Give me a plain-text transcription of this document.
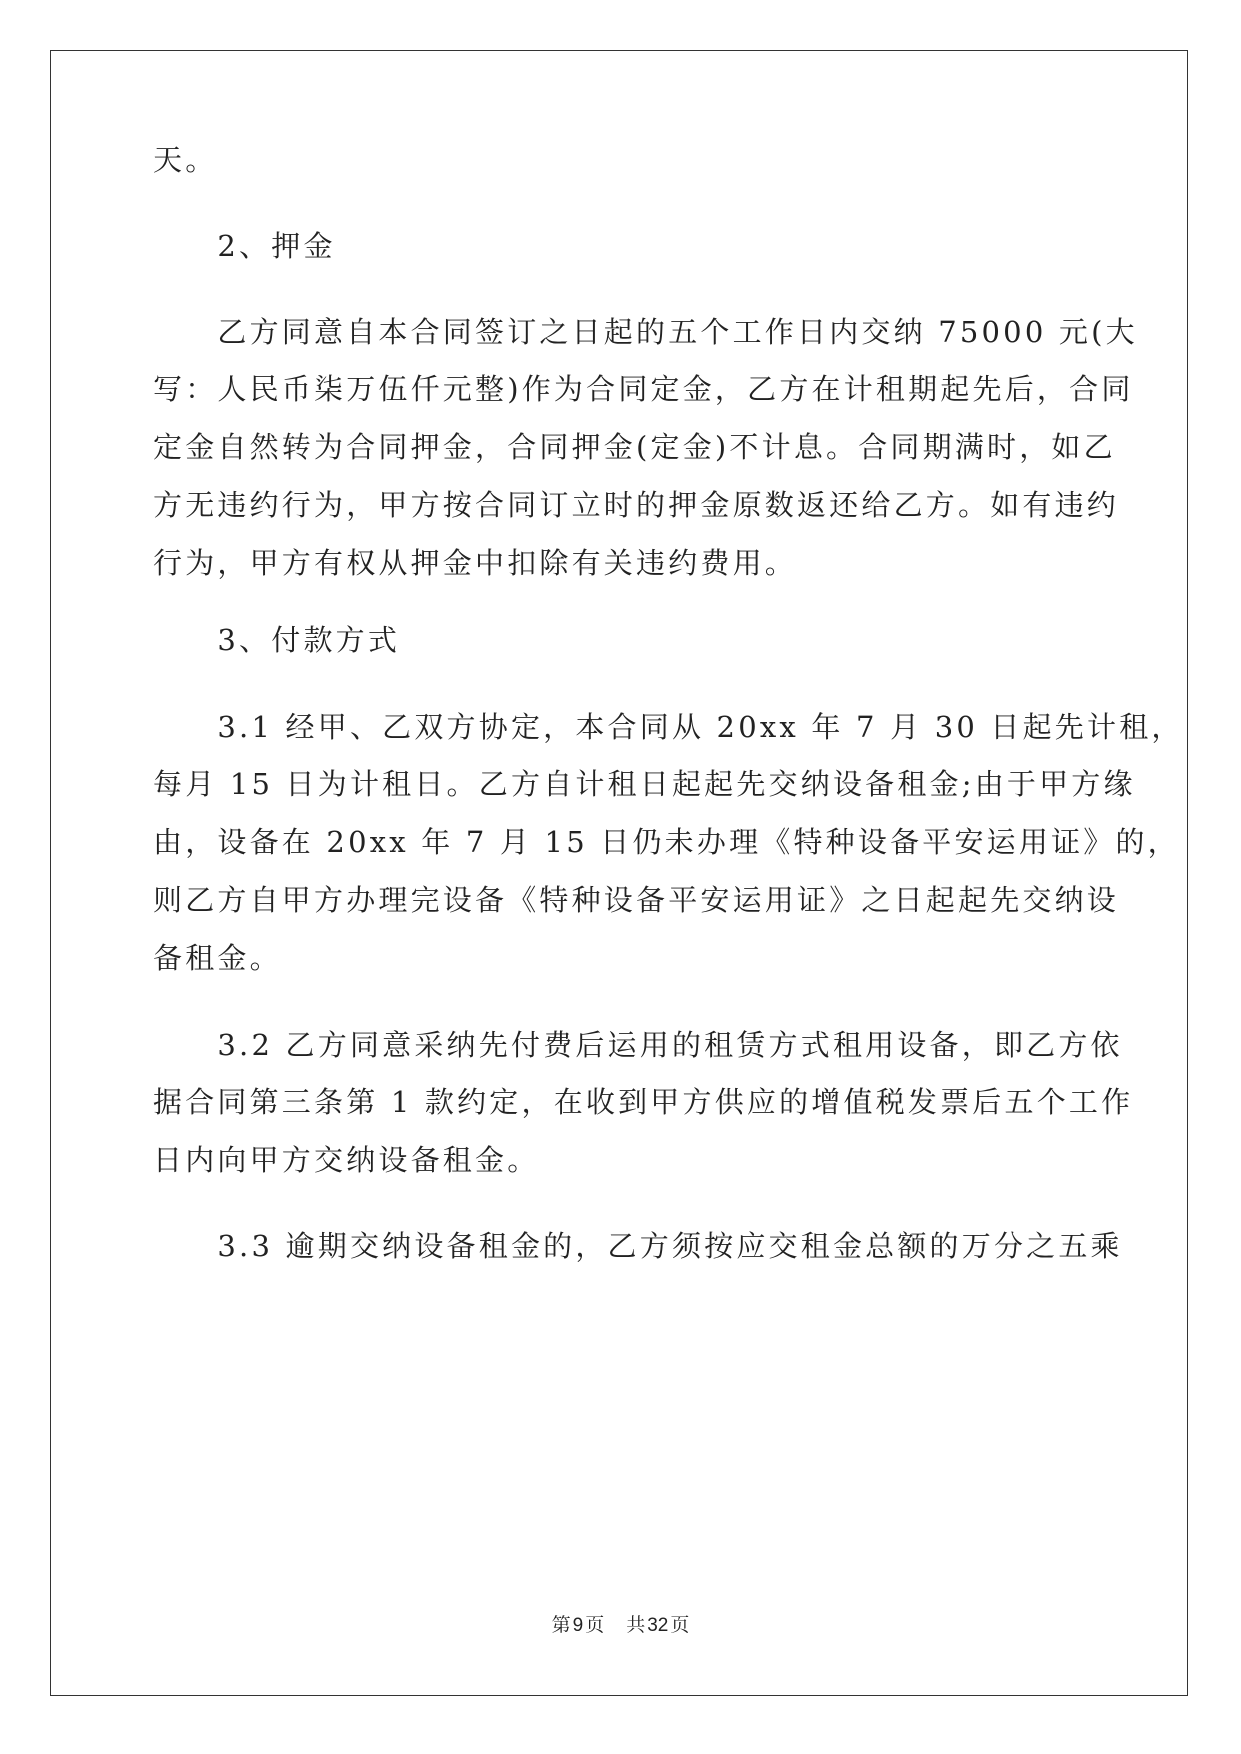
天。
　　2、押金
　　乙方同意自本合同签订之日起的五个工作日内交纳 75000 元(大
写：人民币柒万伍仟元整)作为合同定金，乙方在计租期起先后，合同
定金自然转为合同押金，合同押金(定金)不计息。合同期满时，如乙
方无违约行为，甲方按合同订立时的押金原数返还给乙方。如有违约
行为，甲方有权从押金中扣除有关违约费用。
　　3、付款方式
　　3.1 经甲、乙双方协定，本合同从 20xx 年 7 月 30 日起先计租，
每月 15 日为计租日。乙方自计租日起起先交纳设备租金;由于甲方缘
由，设备在 20xx 年 7 月 15 日仍未办理《特种设备平安运用证》的，
则乙方自甲方办理完设备《特种设备平安运用证》之日起起先交纳设
备租金。
　　3.2 乙方同意采纳先付费后运用的租赁方式租用设备，即乙方依
据合同第三条第 1 款约定，在收到甲方供应的增值税发票后五个工作
日内向甲方交纳设备租金。
　　3.3 逾期交纳设备租金的，乙方须按应交租金总额的万分之五乘
第 9 页 共 32 页
